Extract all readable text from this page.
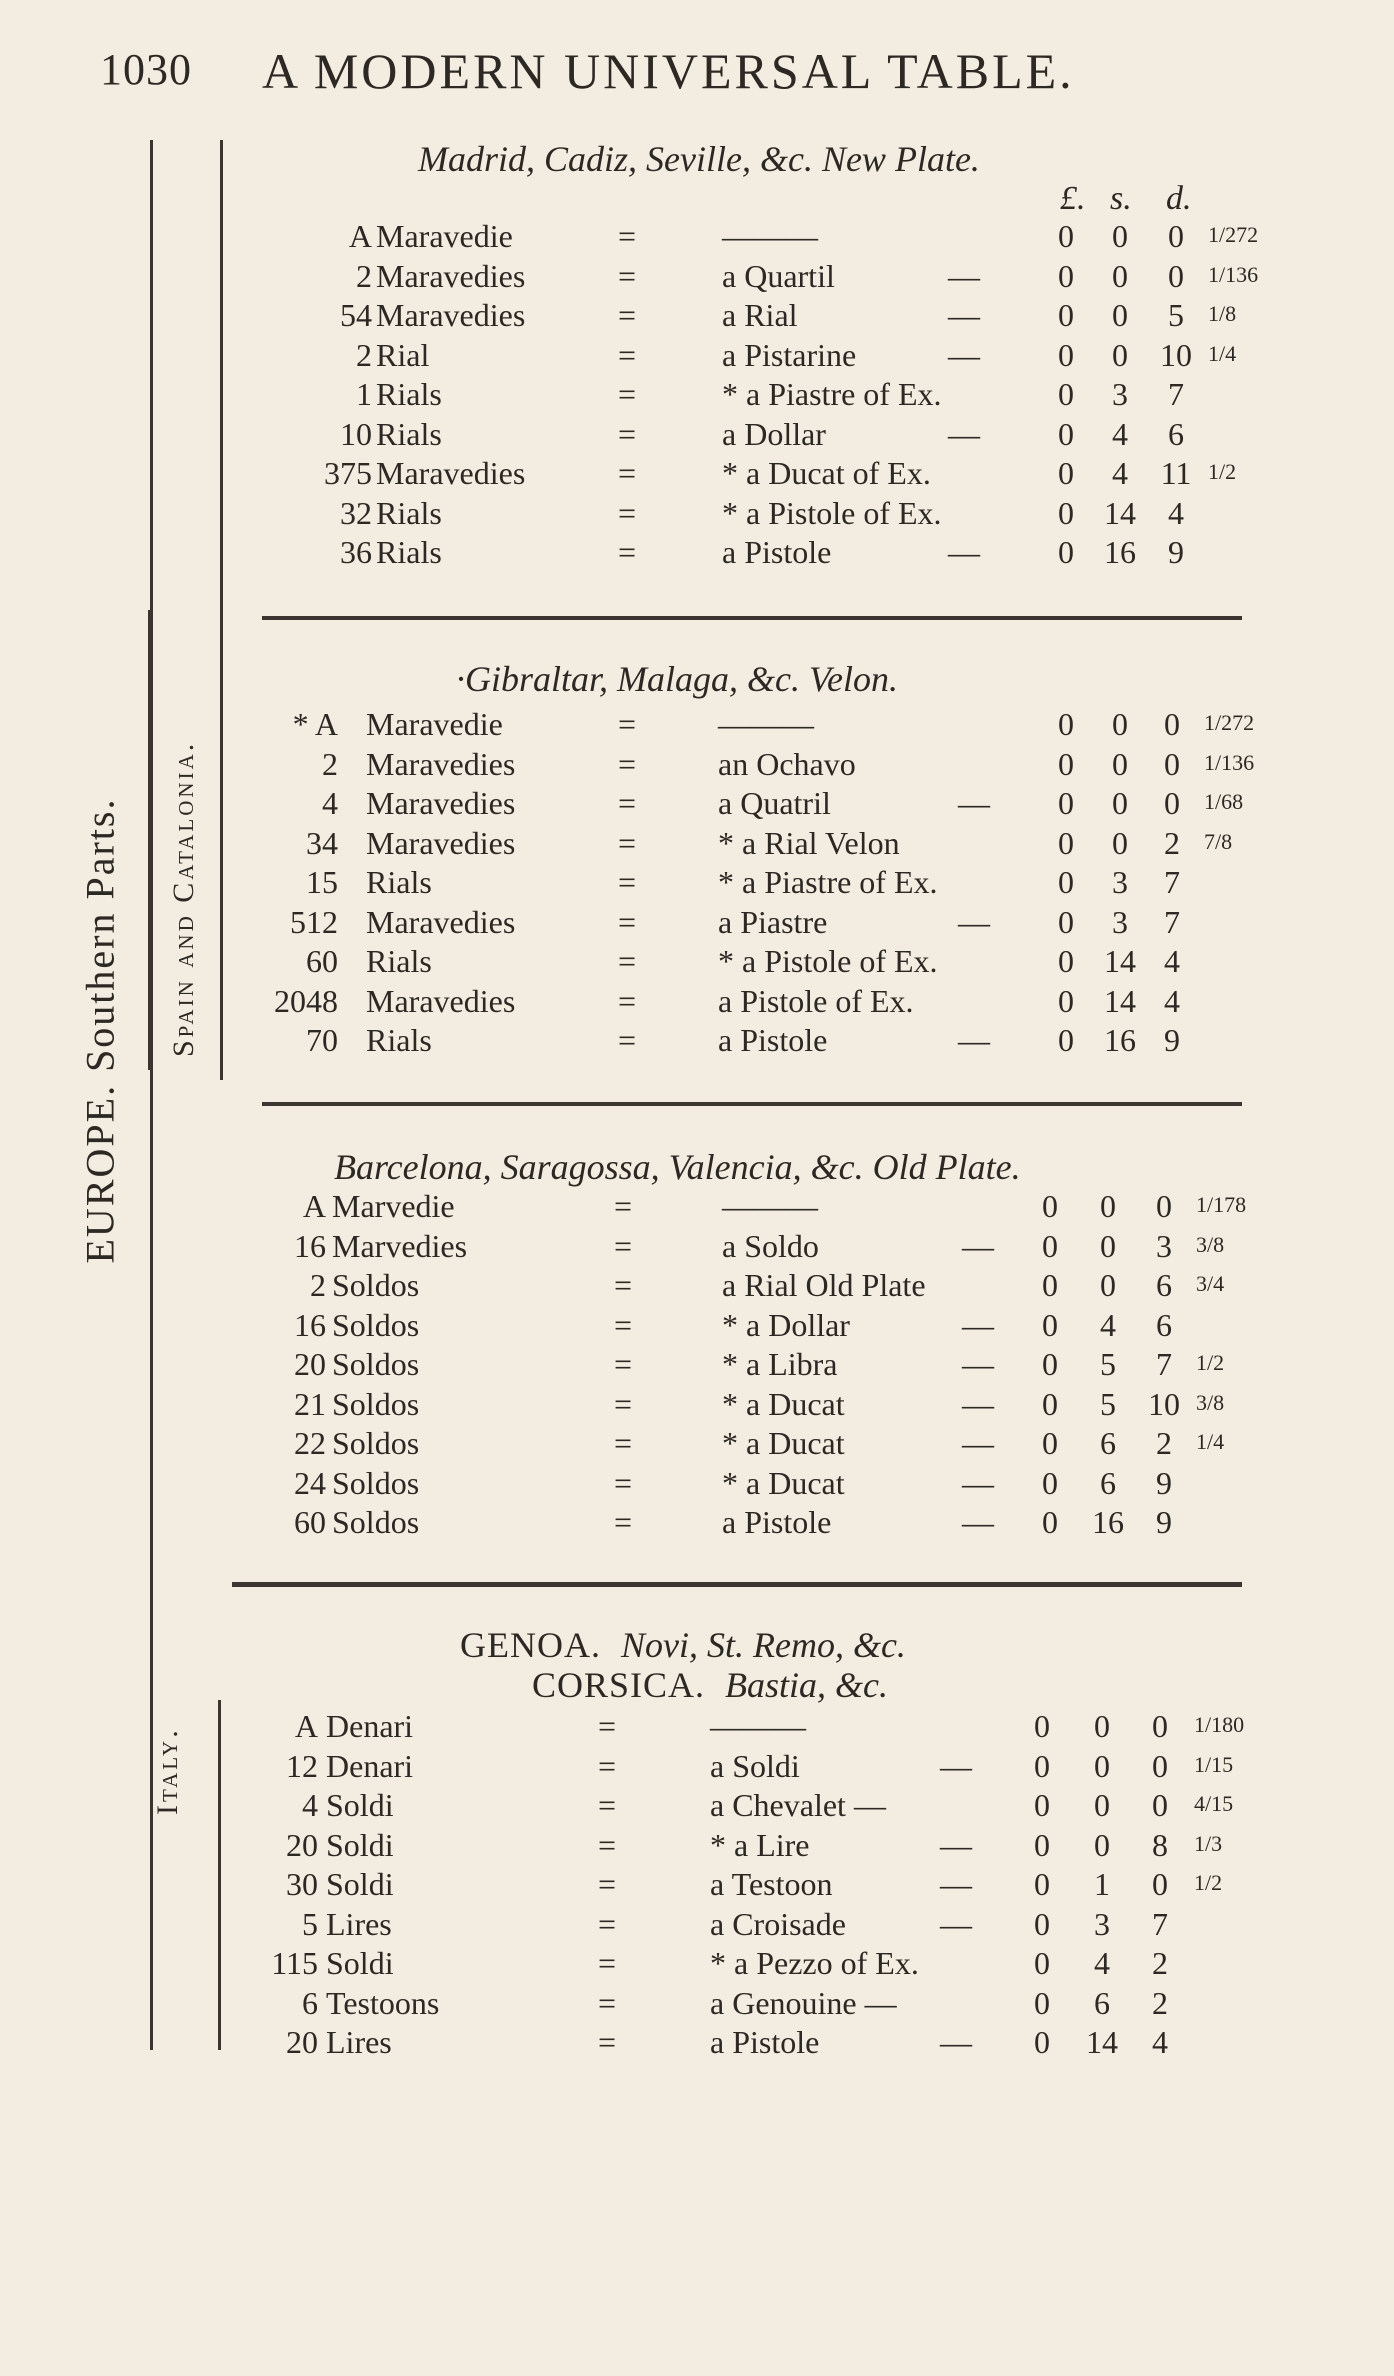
1030 A MODERN UNIVERSAL TABLE.
EUROPE. Southern Parts. Spain and Catalonia.
Italy.
Madrid, Cadiz, Seville, &c. New Plate.
£. s. d.
A Maravedie	=	———	0	0	0	1/272
2 Maravedies	=	a Quartil	—	0	0	0	1/136
54 Maravedies	=	a Rial	—	0	0	5	1/8
2 Rial	=	a Pistarine	—	0	0	10 1/4
1 Rials	=	* a Piastre of Ex.	0	3	7
10 Rials	=	a Dollar	—	0	4	6
375 Maravedies	=	* a Ducat of Ex.	0	4	11 1/2
32 Rials	=	* a Pistole of Ex.	0 14	4
36 Rials	=	a Pistole	—	0 16	9
·Gibraltar, Malaga, &c. Velon.
* A Maravedie	=	———	0	0	0	1/272
2 Maravedies	=	an Ochavo	0	0	0	1/136
4 Maravedies	=	a Quatril	—	0	0	0	1/68
34 Maravedies	=	* a Rial Velon	0	0	2	7/8
15 Rials	=	* a Piastre of Ex.	0	3	7
512 Maravedies	=	a Piastre	—	0	3	7
60 Rials	=	* a Pistole of Ex.	0 14 4
2048 Maravedies	=	a Pistole of Ex.	0 14 4
70 Rials	=	a Pistole	—	0 16 9
Barcelona, Saragossa, Valencia, &c. Old Plate.
A Marvedie	=	———	0	0	0	1/178
16 Marvedies	=	a Soldo	—	0	0	3	3/8
2 Soldos	=	a Rial Old Plate	0	0	6	3/4
16 Soldos	=	* a Dollar	—	0	4	6
20 Soldos	=	* a Libra	—	0	5	7	1/2
21 Soldos	=	* a Ducat	—	0	5	10 3/8
22 Soldos	=	* a Ducat	—	0	6	2	1/4
24 Soldos	=	* a Ducat	—	0	6	9
60 Soldos	=	a Pistole	—	0	16	9
GENOA. Novi, St. Remo, &c.
CORSICA. Bastia, &c.
A Denari	=	———	0	0	0	1/180
12 Denari	=	a Soldi	—	0	0	0	1/15
4 Soldi	=	a Chevalet —	0	0	0	4/15
20 Soldi	=	* a Lire	—	0	0	8	1/3
30 Soldi	=	a Testoon	—	0	1	0	1/2
5 Lires	=	a Croisade	—	0	3	7
115 Soldi	=	* a Pezzo of Ex.	0	4	2
6 Testoons	=	a Genouine —	0	6	2
20 Lires	=	a Pistole	—	0	14	4
